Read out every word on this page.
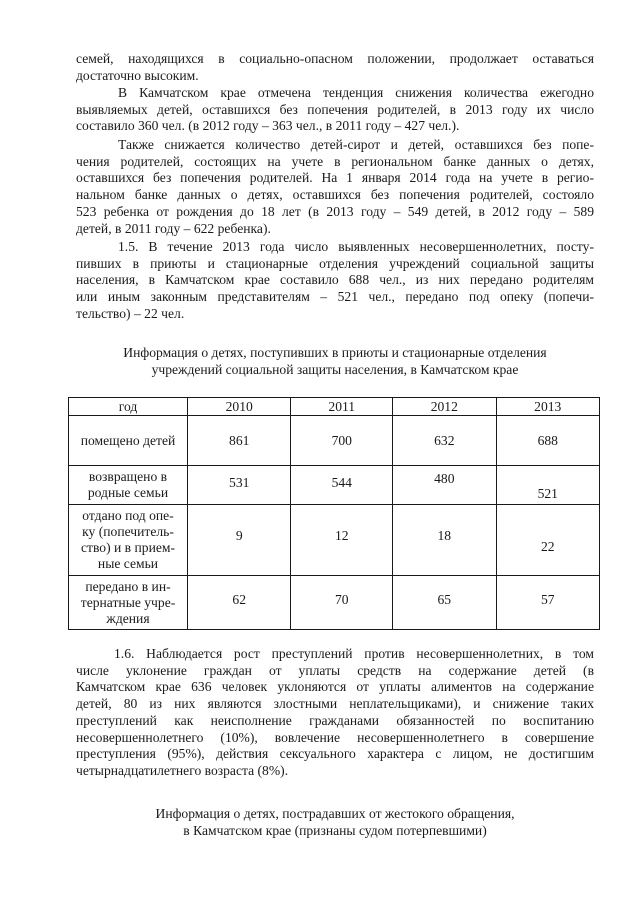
семей, находящихся в социально-опасном положении, продолжает оставаться
достаточно высоким.

В Камчатском крае отмечена тенденция снижения количества ежегодно
выявляемых детей, оставшихся без попечения родителей, в 2013 году их число
составило 360 чел. (в 2012 году – 363 чел., в 2011 году – 427 чел.).

Также снижается количество детей-сирот и детей, оставшихся без попе-
чения родителей, состоящих на учете в региональном банке данных о детях,
оставшихся без попечения родителей. На 1 января 2014 года на учете в регио-
нальном банке данных о детях, оставшихся без попечения родителей, состояло
523 ребенка от рождения до 18 лет (в 2013 году – 549 детей, в 2012 году – 589
детей, в 2011 году – 622 ребенка).

1.5. В течение 2013 года число выявленных несовершеннолетних, посту-
пивших в приюты и стационарные отделения учреждений социальной защиты
населения, в Камчатском крае составило 688 чел., из них передано родителям
или иным законным представителям – 521 чел., передано под опеку (попечи-
тельство) – 22 чел.

Информация о детях, поступивших в приюты и стационарные отделения
учреждений социальной защиты населения, в Камчатском крае

год	2010	2011	2012	2013

помещено детей	861	700	632	688

возвращено в
родные семьи	531	544	480	521

отдано под опе-
ку (попечитель-
ство) и в прием-
ные семьи	9	12	18	22

передано в ин-
тернатные учре-
ждения	62	70	65	57

1.6. Наблюдается рост преступлений против несовершеннолетних, в том
числе уклонение граждан от уплаты средств на содержание детей (в
Камчатском крае 636 человек уклоняются от уплаты алиментов на содержание
детей, 80 из них являются злостными неплательщиками), и снижение таких
преступлений как неисполнение гражданами обязанностей по воспитанию
несовершеннолетнего (10%), вовлечение несовершеннолетнего в совершение
преступления (95%), действия сексуального характера с лицом, не достигшим
четырнадцатилетнего возраста (8%).

Информация о детях, пострадавших от жестокого обращения,
в Камчатском крае (признаны судом потерпевшими)
